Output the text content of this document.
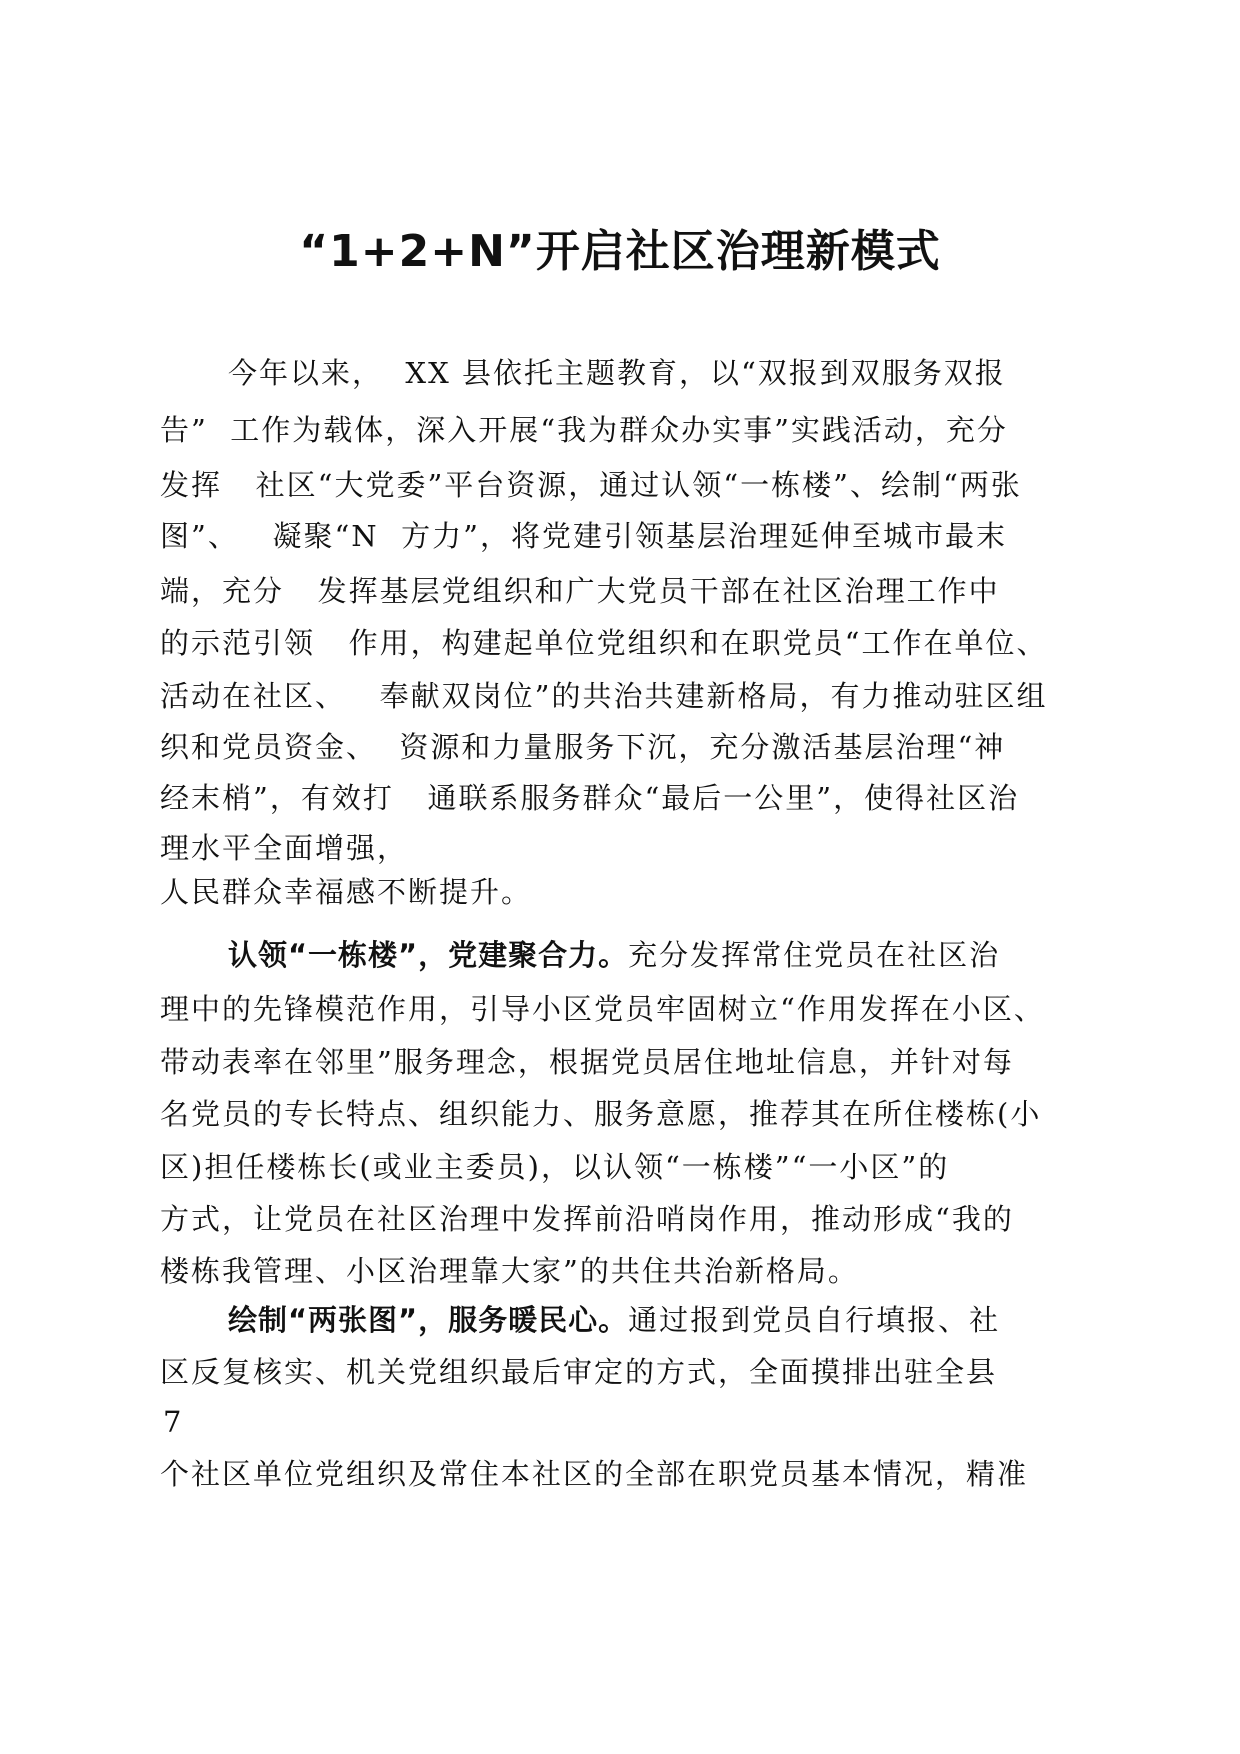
“1+2+N”开启社区治理新模式

今年以来，  XX 县依托主题教育，以“双报到双服务双报

告”  工作为载体，深入开展“我为群众办实事”实践活动，充分

发挥   社区“大党委”平台资源，通过认领“一栋楼”、绘制“两张

图”、   凝聚“N  方力”，将党建引领基层治理延伸至城市最末

端，充分   发挥基层党组织和广大党员干部在社区治理工作中

的示范引领   作用，构建起单位党组织和在职党员“工作在单位、

活动在社区、   奉献双岗位”的共治共建新格局，有力推动驻区组

织和党员资金、  资源和力量服务下沉，充分激活基层治理“神

经末梢”，有效打   通联系服务群众“最后一公里”，使得社区治

理水平全面增强，

人民群众幸福感不断提升。

认领“一栋楼”，党建聚合力。充分发挥常住党员在社区治

理中的先锋模范作用，引导小区党员牢固树立“作用发挥在小区、

带动表率在邻里”服务理念，根据党员居住地址信息，并针对每

名党员的专长特点、组织能力、服务意愿，推荐其在所住楼栋(小

区)担任楼栋长(或业主委员)，以认领“一栋楼”“一小区”的

方式，让党员在社区治理中发挥前沿哨岗作用，推动形成“我的

楼栋我管理、小区治理靠大家”的共住共治新格局。

绘制“两张图”，服务暖民心。通过报到党员自行填报、社

区反复核实、机关党组织最后审定的方式，全面摸排出驻全县

7

个社区单位党组织及常住本社区的全部在职党员基本情况，精准
